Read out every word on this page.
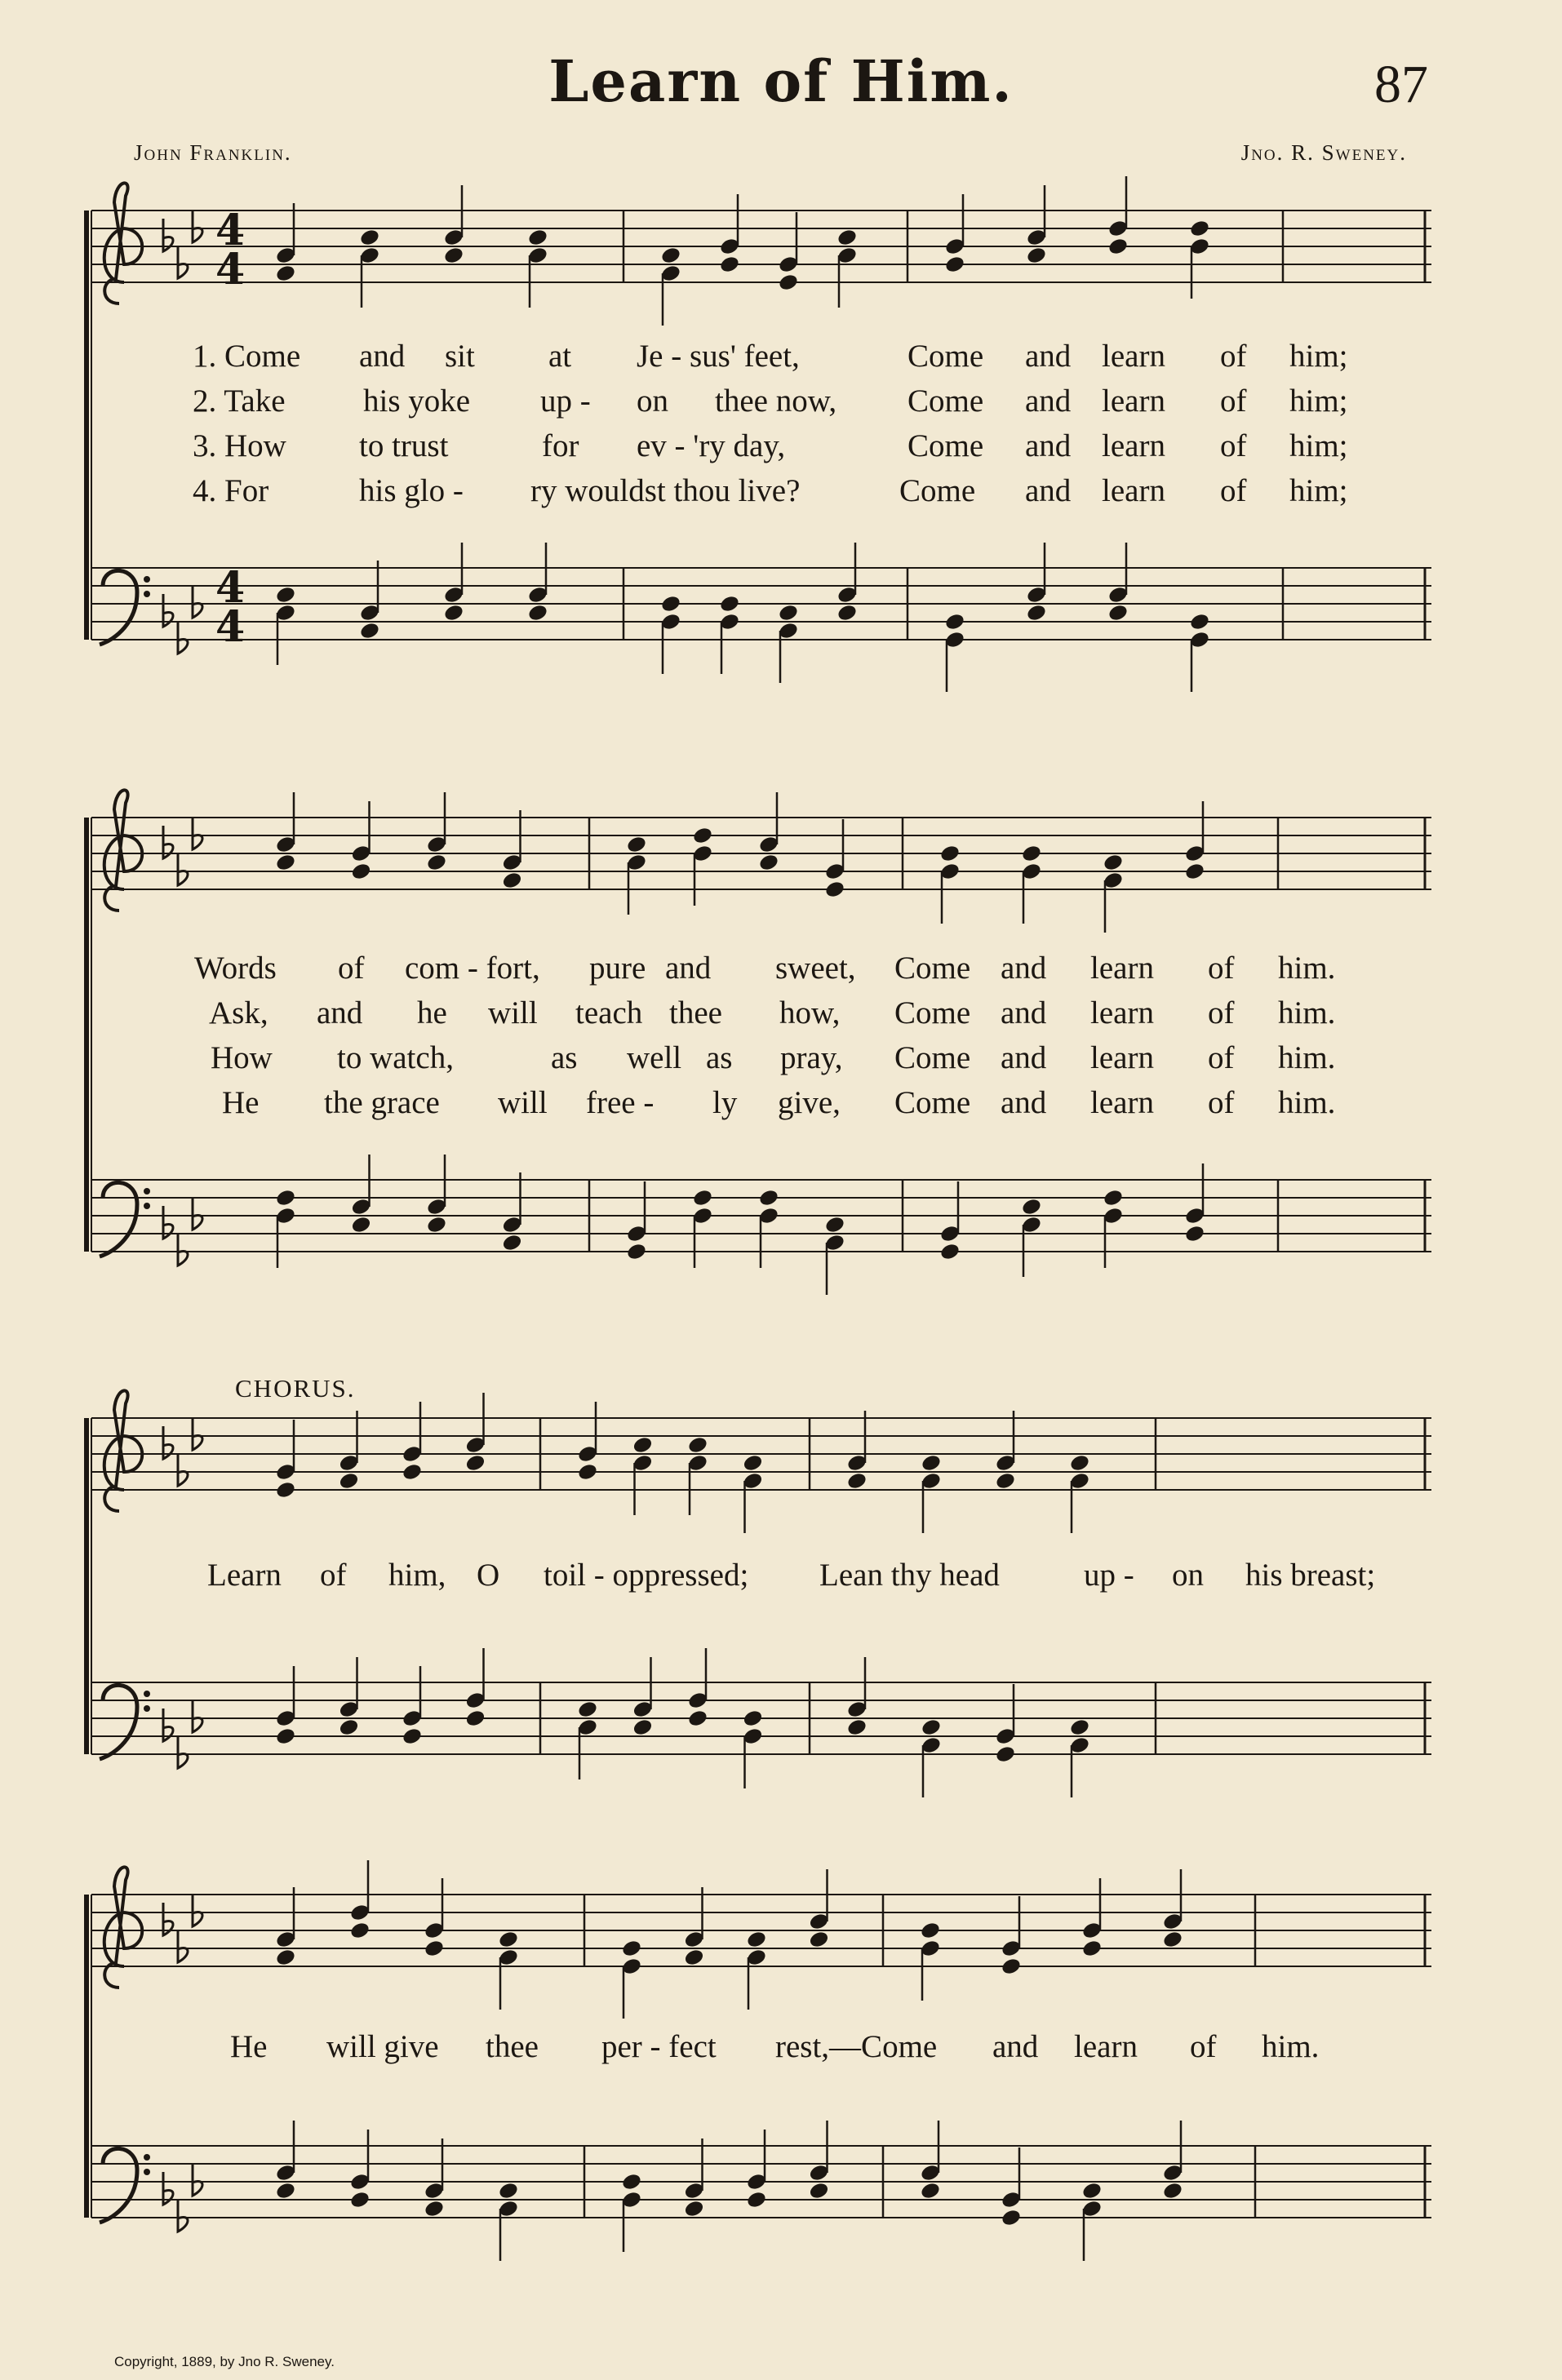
Learn of Him.	87
John Franklin.	Jno. R. Sweney.
4
4
4
4
1. Come and sit at Je - sus' feet,	Come and learn of him;
2. Take his yoke up - on thee now, Come and learn of him;
3. How to trust	for ev - 'ry day,	Come and learn of him;
4. For	his glo - ry wouldst thou live?	Come and learn of him;
Words of com - fort, pure and sweet, Come and learn of him.
Ask, and he will teach thee how, Come and learn of him.
How to watch,	as well as pray, Come and learn of him.
He the grace will free - ly give, Come and learn of him.
CHORUS.
Learn of him, O toil - oppressed; Lean thy head	up - on his breast;
He will give thee per - fect rest,—Come and learn of him.
Copyright, 1889, by Jno R. Sweney.
